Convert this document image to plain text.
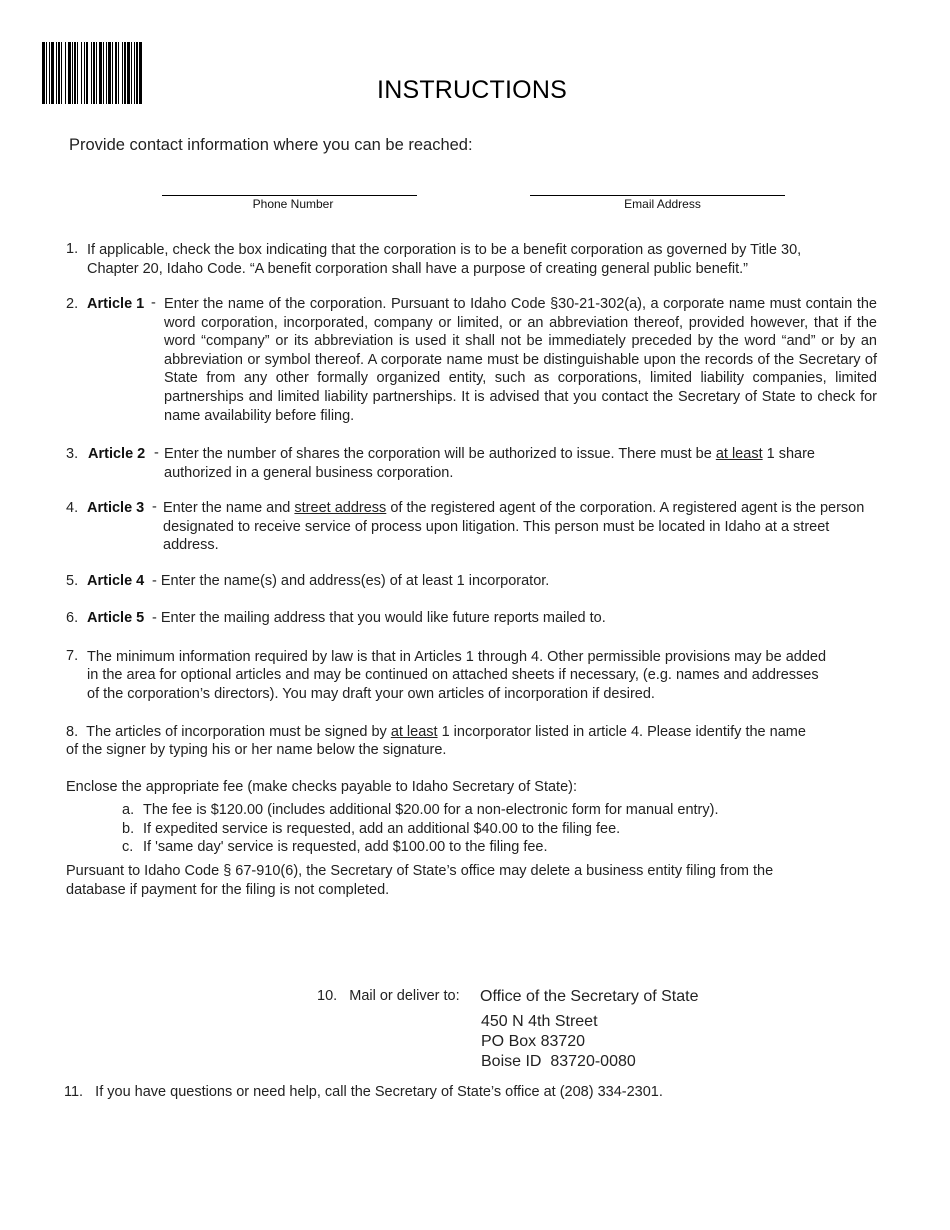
INSTRUCTIONS
Provide contact information where you can be reached:
Phone Number	Email Address
1. If applicable, check the box indicating that the corporation is to be a benefit corporation as governed by Title 30,
Chapter 20, Idaho Code. “A benefit corporation shall have a purpose of creating general public benefit.”
2. Article 1 - Enter the name of the corporation. Pursuant to Idaho Code §30-21-302(a), a corporate name must contain the word corporation, incorporated, company or limited, or an abbreviation thereof, provided however, that if the word “company” or its abbreviation is used it shall not be immediately preceded by the word “and” or by an abbreviation or symbol thereof. A corporate name must be distinguishable upon the records of the Secretary of State from any other formally organized entity, such as corporations, limited liability companies, limited partnerships and limited liability partnerships. It is advised that you contact the Secretary of State to check for name availability before filing.
3. Article 2 - Enter the number of shares the corporation will be authorized to issue. There must be at least 1 share
authorized in a general business corporation.
4. Article 3 - Enter the name and street address of the registered agent of the corporation. A registered agent is the person designated to receive service of process upon litigation. This person must be located in Idaho at a street address.
5. Article 4 - Enter the name(s) and address(es) of at least 1 incorporator.
6. Article 5 - Enter the mailing address that you would like future reports mailed to.
7. The minimum information required by law is that in Articles 1 through 4. Other permissible provisions may be added
in the area for optional articles and may be continued on attached sheets if necessary, (e.g. names and addresses
of the corporation’s directors). You may draft your own articles of incorporation if desired.
8. The articles of incorporation must be signed by at least 1 incorporator listed in article 4. Please identify the name
of the signer by typing his or her name below the signature.
Enclose the appropriate fee (make checks payable to Idaho Secretary of State):
a. The fee is $120.00 (includes additional $20.00 for a non-electronic form for manual entry).
b. If expedited service is requested, add an additional $40.00 to the filing fee.
c. If 'same day' service is requested, add $100.00 to the filing fee.
Pursuant to Idaho Code § 67-910(6), the Secretary of State’s office may delete a business entity filing from the
database if payment for the filing is not completed.
10.   Mail or deliver to: Office of the Secretary of State
450 N 4th Street
PO Box 83720
Boise ID  83720-0080
11.   If you have questions or need help, call the Secretary of State’s office at (208) 334-2301.
